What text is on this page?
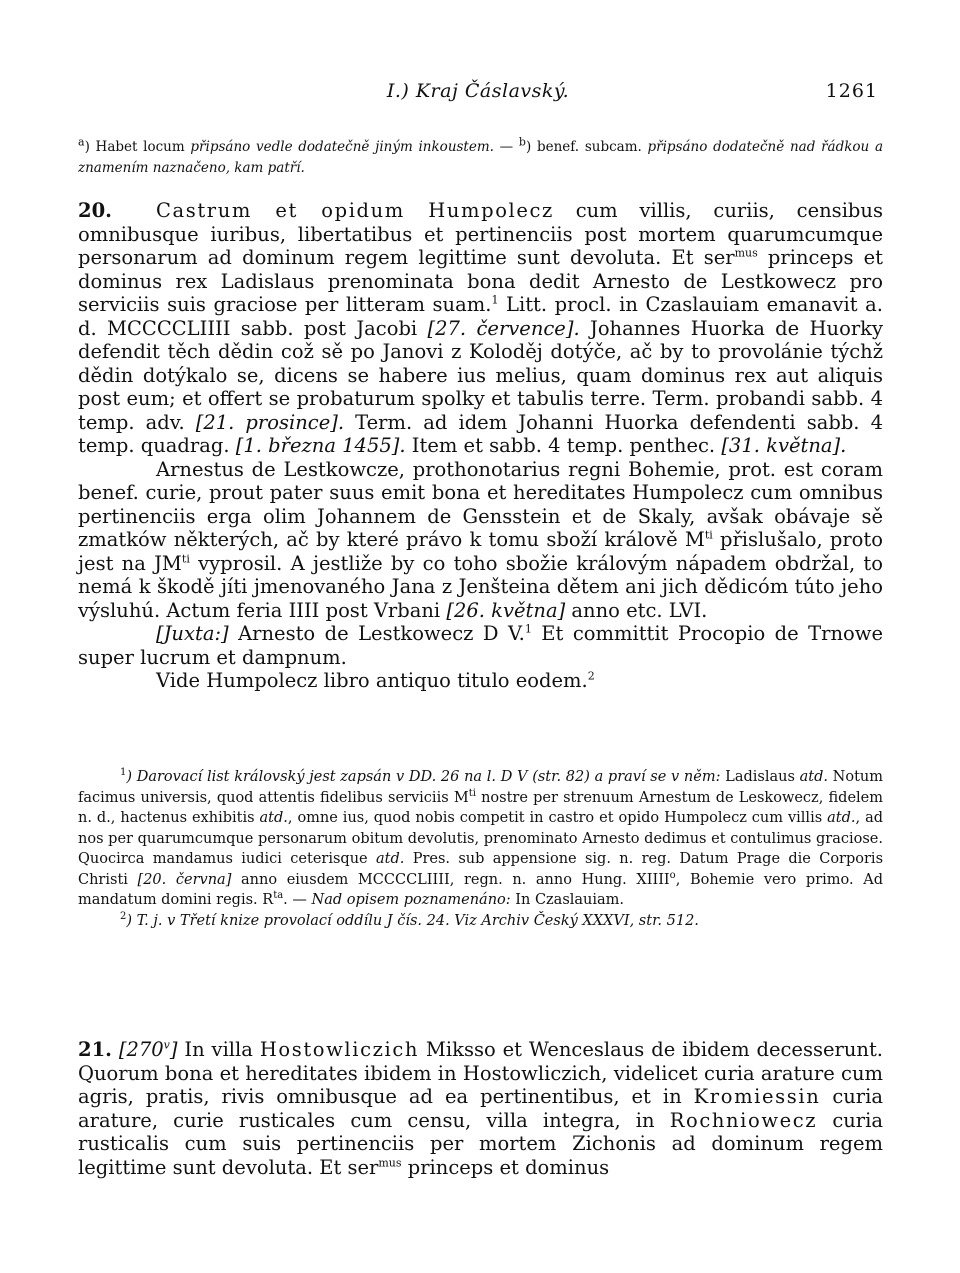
I.) Kraj Čáslavský.	1261
$^a$) Habet locum připsáno vedle dodatečně jiným inkoustem. — $^b$) benef. subcam. připsáno dodatečně nad řádkou a znamením naznačeno, kam patří.

20. Castrum et opidum Humpolecz cum villis, curiis, censibus omnibusque iuribus, libertatibus et pertinenciis post mortem quarumcumque personarum ad dominum regem legittime sunt devoluta. Et ser$^{mus}$ princeps et dominus rex Ladislaus prenominata bona dedit Arnesto de Lestkowecz pro serviciis suis graciose per litteram suam.$^1$ Litt. procl. in Czaslauiam emanavit a. d. MCCCCLIIII sabb. post Jacobi [27. července]. Johannes Huorka de Huorky defendit těch dědin což sě po Janovi z Koloděj dotýče, ač by to provolánie týchž dědin dotýkalo se, dicens se habere ius melius, quam dominus rex aut aliquis post eum; et offert se probaturum spolky et tabulis terre. Term. probandi sabb. 4 temp. adv. [21. prosince]. Term. ad idem Johanni Huorka defendenti sabb. 4 temp. quadrag. [1. března 1455]. Item et sabb. 4 temp. penthec. [31. května].

Arnestus de Lestkowcze, prothonotarius regni Bohemie, prot. est coram benef. curie, prout pater suus emit bona et hereditates Humpolecz cum omnibus pertinenciis erga olim Johannem de Gensstein et de Skaly, avšak obávaje sě zmatków některých, ač by které právo k tomu sboží králově $M^{ti}$ přislušalo, proto jest na $JM^{ti}$ vyprosil. A jestliže by co toho sbožie královým nápadem obdržal, to nemá k škodě jíti jmenovaného Jana z Jenšteina dětem ani jich dědicóm túto jeho výsluhú. Actum feria IIII post Vrbani [26. května] anno etc. LVI.

[Juxta:] Arnesto de Lestkowecz D V.$^1$ Et committit Procopio de Trnowe super lucrum et dampnum.

Vide Humpolecz libro antiquo titulo eodem.$^2$

$^1$) Darovací list královský jest zapsán v DD. 26 na l. D V (str. 82) a praví se v něm: Ladislaus atd. Notum facimus universis, quod attentis fidelibus serviciis $M^{ti}$ nostre per strenuum Arnestum de Leskowecz, fidelem n. d., hactenus exhibitis atd., omne ius, quod nobis competit in castro et opido Humpolecz cum villis atd., ad nos per quarumcumque personarum obitum devolutis, prenominato Arnesto dedimus et contulimus graciose. Quocirca mandamus iudici ceterisque atd. Pres. sub appensione sig. n. reg. Datum Prage die Corporis Christi [20. června] anno eiusdem MCCCCLIIII, regn. n. anno Hung. XIIII$^o$, Bohemie vero primo. Ad mandatum domini regis. $R^{ta}$. — Nad opisem poznamenáno: In Czaslauiam.

$^2$) T. j. v Třetí knize provolací oddílu J čís. 24. Viz Archiv Český XXXVI, str. 512.

21. [270$^v$] In villa Hostowliczich Miksso et Wenceslaus de ibidem decesserunt. Quorum bona et hereditates ibidem in Hostowliczich, videlicet curia arature cum agris, pratis, rivis omnibusque ad ea pertinentibus, et in Kromiessin curia arature, curie rusticales cum censu, villa integra, in Rochniowecz curia rusticalis cum suis pertinenciis per mortem Zichonis ad dominum regem legittime sunt devoluta. Et ser$^{mus}$ princeps et dominus
